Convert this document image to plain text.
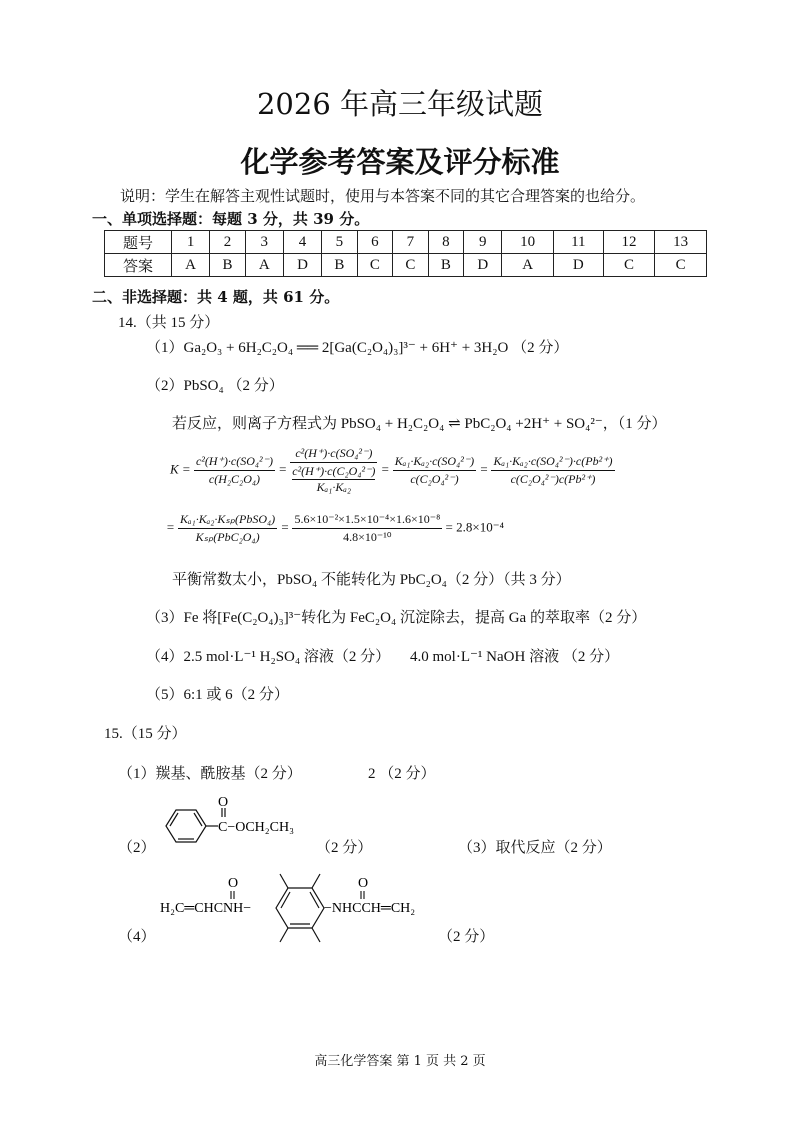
2026 年高三年级试题
化学参考答案及评分标准
说明：学生在解答主观性试题时，使用与本答案不同的其它合理答案的也给分。
一、单项选择题：每题 3 分，共 39 分。
题号	1	2	3	4	5	6	7	8	9	10	11	12	13
答案	A	B	A	D	B	C	C	B	D	A	D	C	C
二、非选择题：共 4 题，共 61 分。
14.（共 15 分）
（1）Ga₂O₃ + 6H₂C₂O₄ ══ 2[Ga(C₂O₄)₃]³⁻ + 6H⁺ + 3H₂O （2 分）
（2）PbSO₄ （2 分）
若反应，则离子方程式为 PbSO₄ + H₂C₂O₄ ⇌ PbC₂O₄ +2H⁺ + SO₄²⁻，（1 分）
$K = \frac{\text{c²(H⁺)·c(SO₄²⁻)}}{\text{c(H₂C₂O₄)}} = c^2(H^+)\cdot c(SO_4^{2-})$
c²(H⁺)·c(C₂O₄²⁻)
$K_{a1}\cdot K_{a2} = \frac{\text{Kₐ₁·Kₐ₂·c(SO₄²⁻)}}{\text{c(C₂O₄²⁻)}} = \frac{\text{Kₐ₁·Kₐ₂·c(SO₄²⁻)·c(Pb²⁺)}}{\text{c(C₂O₄²⁻)c(Pb²⁺)}}$
= $\frac{\text{Kₐ₁·Kₐ₂·Kₛₚ(PbSO₄)}}{\text{Kₛₚ(PbC₂O₄)}} = \frac{\text{5.6×10⁻²×1.5×10⁻⁴×1.6×10⁻⁸}}{\text{4.8×10⁻¹⁰}} = 2.8\times 10^{-4}$
平衡常数太小，PbSO₄ 不能转化为 PbC₂O₄（2 分）（共 3 分）
（3）Fe 将[Fe(C₂O₄)₃]³⁻转化为 FeC₂O₄ 沉淀除去，提高 Ga 的萃取率（2 分）
（4）2.5 mol·L⁻¹ H₂SO₄ 溶液（2 分） 4.0 mol·L⁻¹ NaOH 溶液 （2 分）
（5）6:1 或 6（2 分）
15.（15 分）
（1）羰基、酰胺基（2 分）	2 （2 分）
（2）
O
C−OCH₂CH₃
（2 分）	（3）取代反应（2 分）
（4）
H₂C═CHCNH−
O
−NHCCH═CH₂
O
（2 分）
高三化学答案 第 1 页 共 2 页
